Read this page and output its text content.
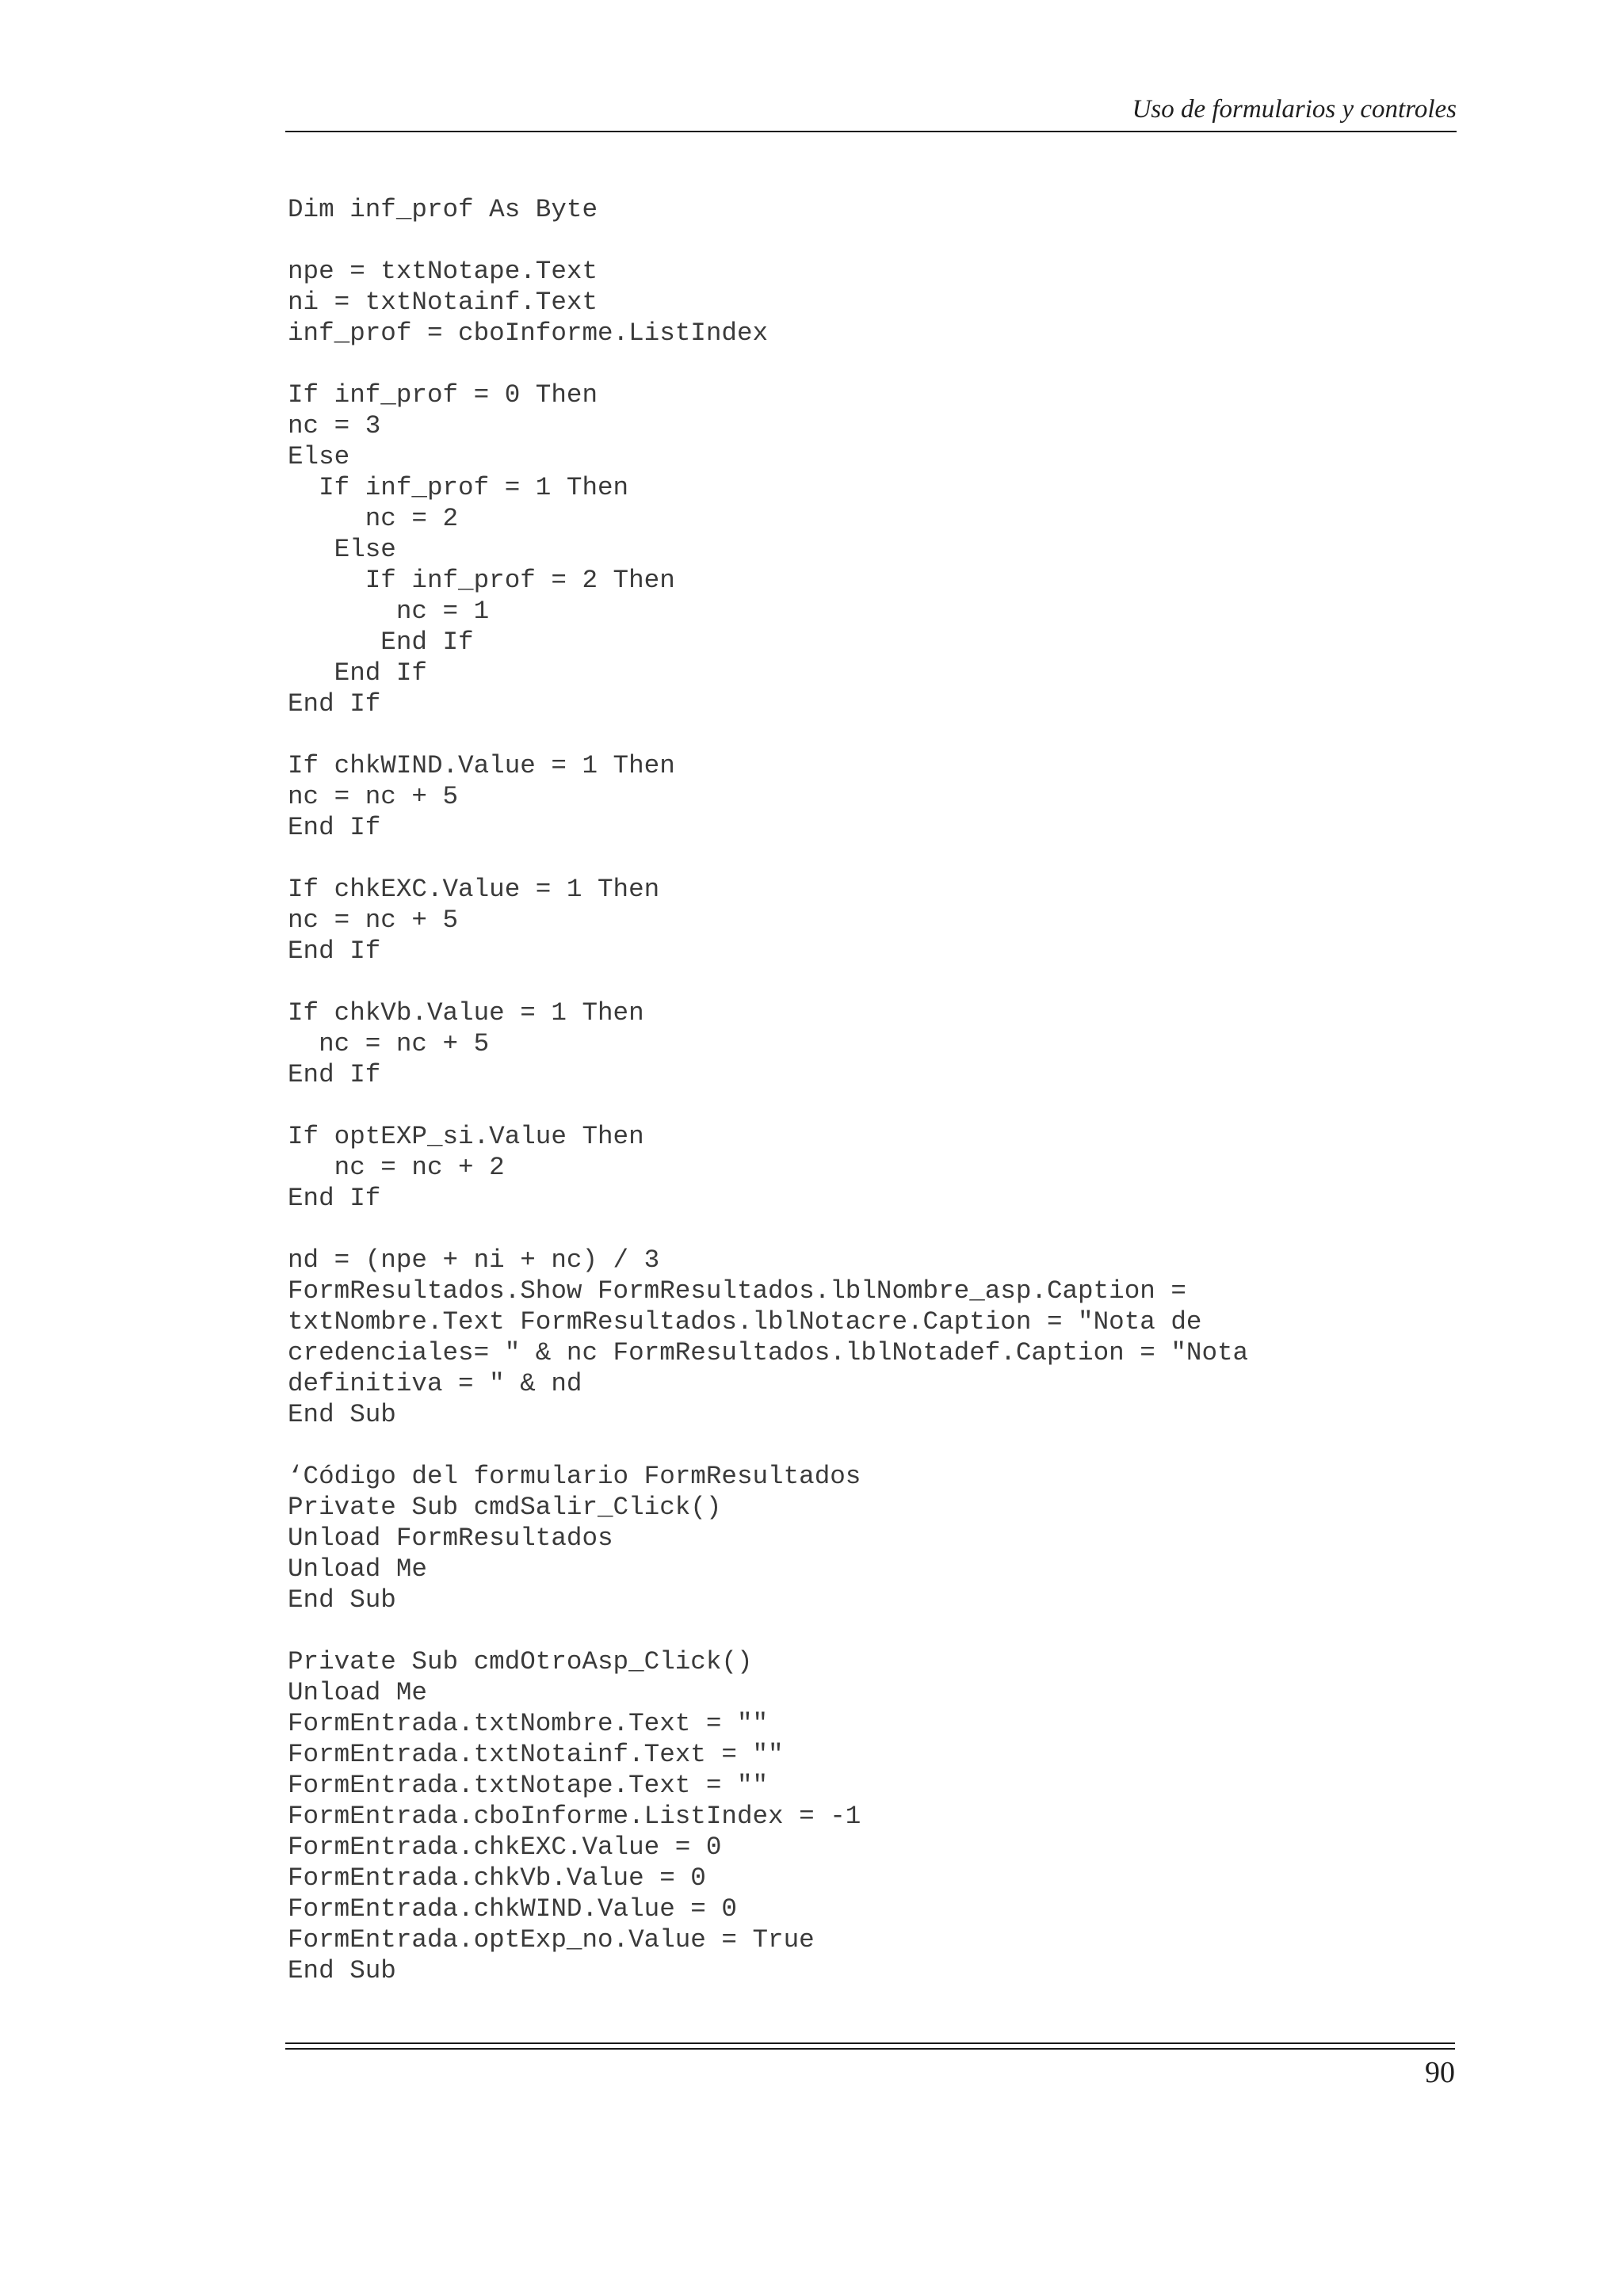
Uso de formularios y controles
Dim inf_prof As Byte
npe = txtNotape.Text
ni = txtNotainf.Text
inf_prof = cboInforme.ListIndex
If inf_prof = 0 Then
nc = 3
Else
If inf_prof = 1 Then
nc = 2
Else
If inf_prof = 2 Then
nc = 1
End If
End If
End If
If chkWIND.Value = 1 Then
nc = nc + 5
End If
If chkEXC.Value = 1 Then
nc = nc + 5
End If
If chkVb.Value = 1 Then
nc = nc + 5
End If
If optEXP_si.Value Then
nc = nc + 2
End If
nd = (npe + ni + nc) / 3
FormResultados.Show FormResultados.lblNombre_asp.Caption =
txtNombre.Text FormResultados.lblNotacre.Caption = "Nota de
credenciales= " & nc FormResultados.lblNotadef.Caption = "Nota
definitiva = " & nd
End Sub
‘Código del formulario FormResultados
Private Sub cmdSalir_Click()
Unload FormResultados
Unload Me
End Sub
Private Sub cmdOtroAsp_Click()
Unload Me
FormEntrada.txtNombre.Text = ""
FormEntrada.txtNotainf.Text = ""
FormEntrada.txtNotape.Text = ""
FormEntrada.cboInforme.ListIndex = -1
FormEntrada.chkEXC.Value = 0
FormEntrada.chkVb.Value = 0
FormEntrada.chkWIND.Value = 0
FormEntrada.optExp_no.Value = True
End Sub
90
